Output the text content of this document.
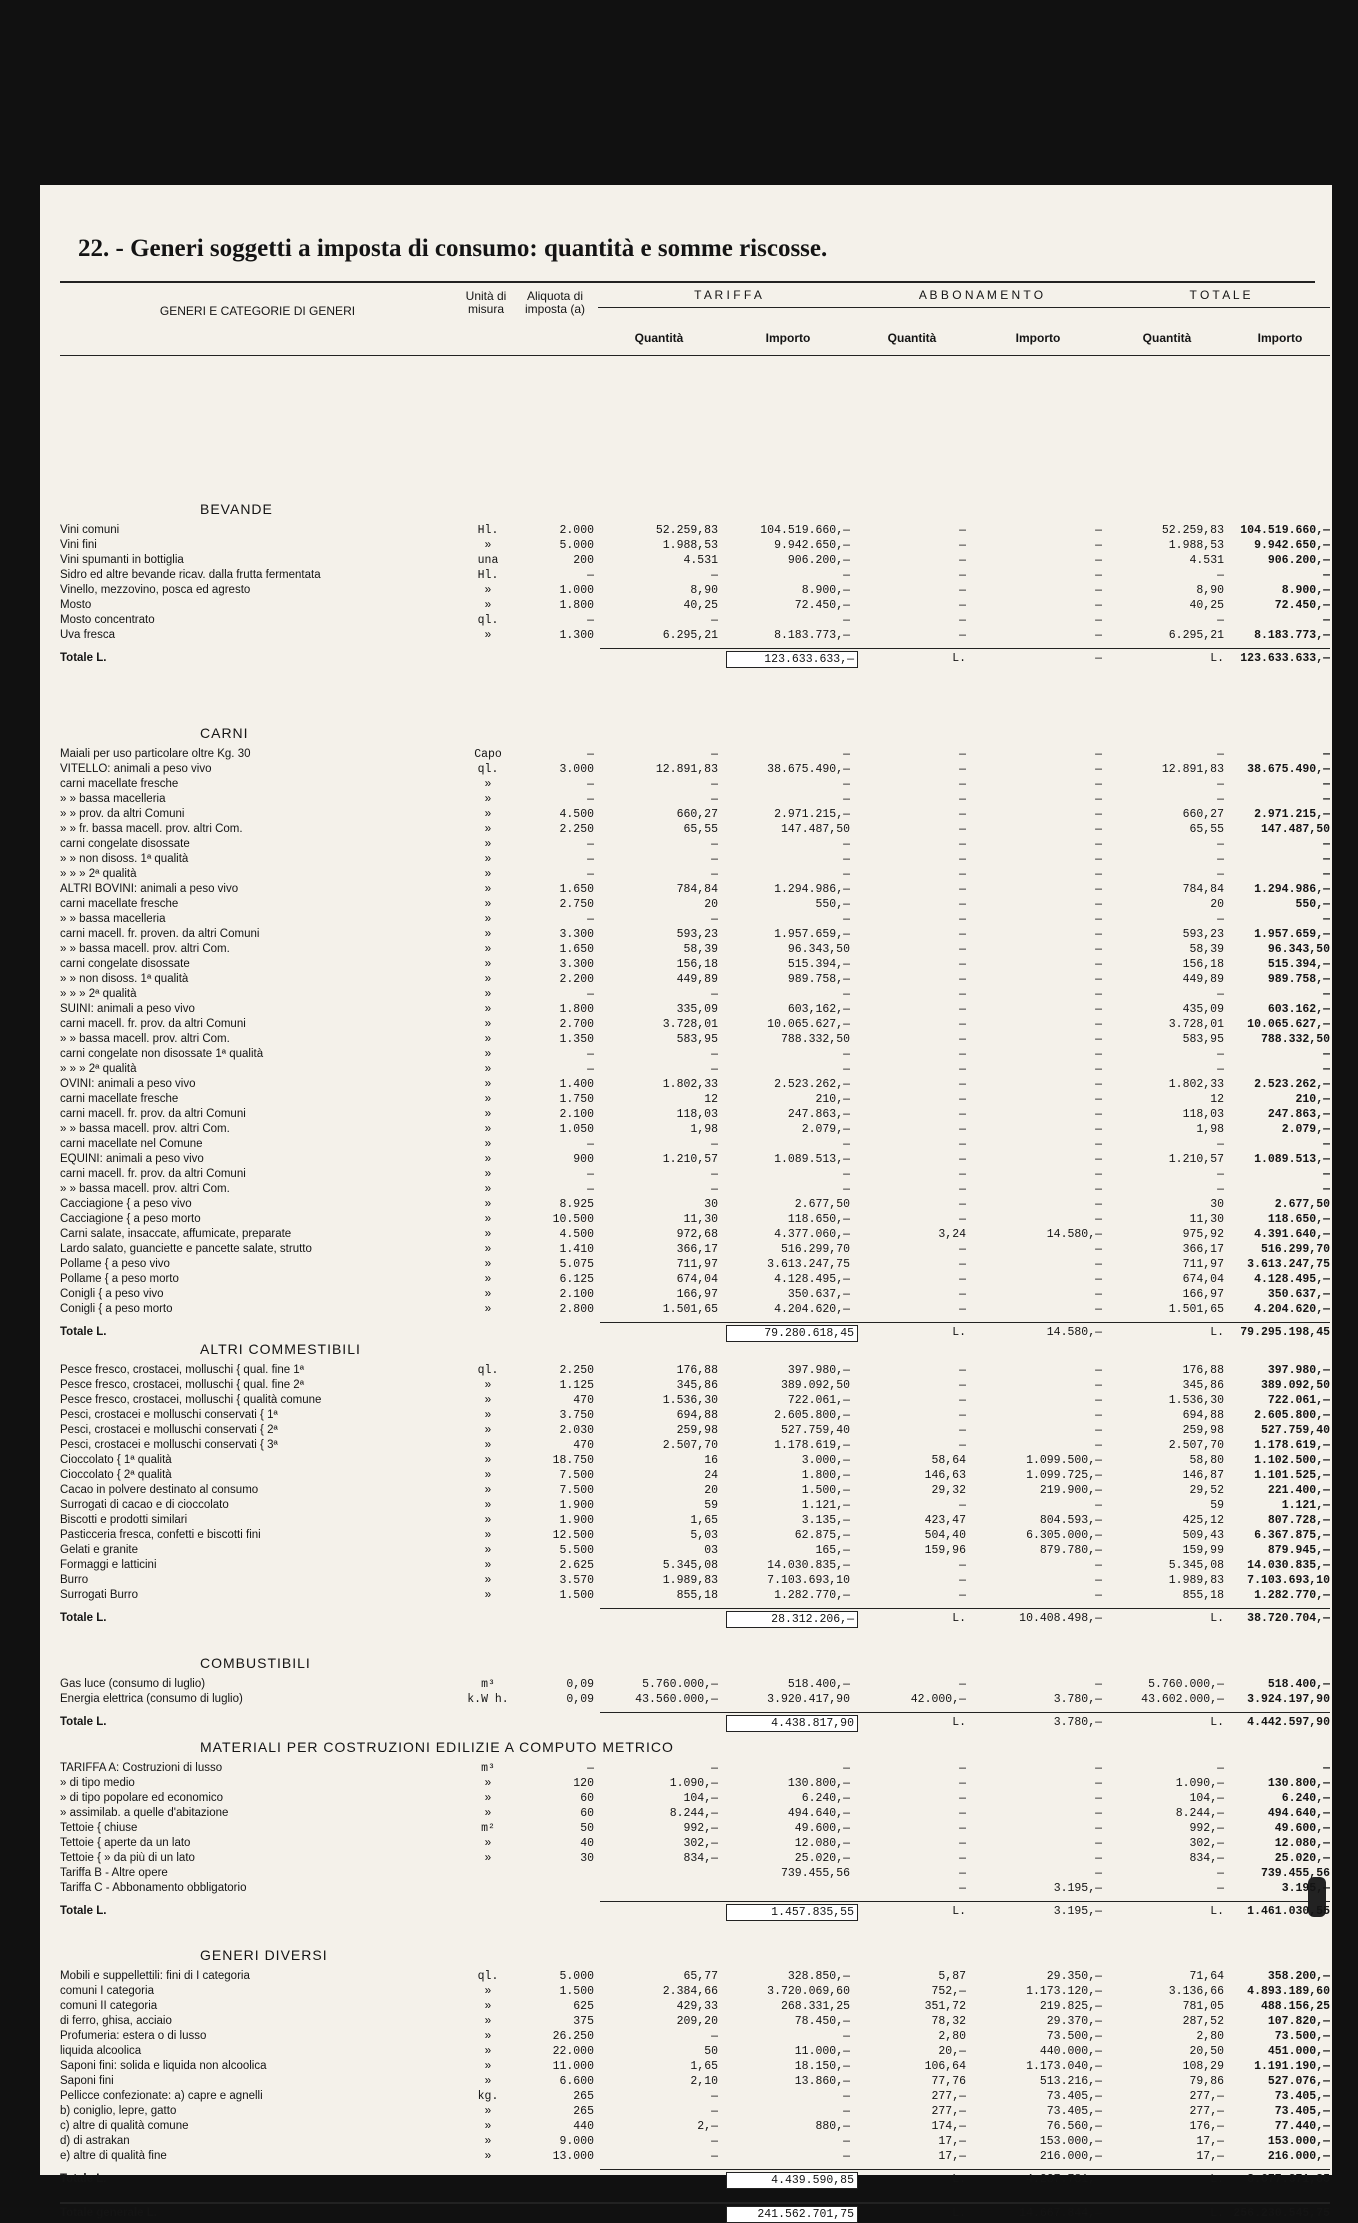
22. - Generi soggetti a imposta di consumo: quantità e somme riscosse.
GENERI E CATEGORIE DI GENERI
Unità di misura
Aliquota di imposta (a)
T A R I F F A	A B B O N A M E N T O	T O T A L E
Quantità	Importo	Quantità	Importo	Quantità	Importo
BEVANDE
Vini comuni	Hl.	2.000	52.259,83	104.519.660,—	—	—	52.259,83	104.519.660,—
Vini fini	»	5.000	1.988,53	9.942.650,—	—	—	1.988,53	9.942.650,—
Vini spumanti in bottiglia	una	200	4.531	906.200,—	—	—	4.531	906.200,—
Sidro ed altre bevande ricav. dalla frutta fermentata	Hl.	—	—	—	—	—	—	—
Vinello, mezzovino, posca ed agresto	»	1.000	8,90	8.900,—	—	—	8,90	8.900,—
Mosto	»	1.800	40,25	72.450,—	—	—	40,25	72.450,—
Mosto concentrato	ql.	—	—	—	—	—	—	—
Uva fresca	»	1.300	6.295,21	8.183.773,—	—	—	6.295,21	8.183.773,—
Totale L.	123.633.633,—	L.	—	L.	123.633.633,—
CARNI
Maiali per uso particolare oltre Kg. 30	Capo	—	—	—	—	—	—	—
VITELLO: animali a peso vivo	ql.	3.000	12.891,83	38.675.490,—	—	—	12.891,83	38.675.490,—
carni macellate fresche	»	—	—	—	—	—	—	—
» » bassa macelleria	»	—	—	—	—	—	—	—
» » prov. da altri Comuni	»	4.500	660,27	2.971.215,—	—	—	660,27	2.971.215,—
» » fr. bassa macell. prov. altri Com.	»	2.250	65,55	147.487,50	—	—	65,55	147.487,50
carni congelate disossate	»	—	—	—	—	—	—	—
» » non disoss. 1ª qualità	»	—	—	—	—	—	—	—
» » » 2ª qualità	»	—	—	—	—	—	—	—
ALTRI BOVINI: animali a peso vivo	»	1.650	784,84	1.294.986,—	—	—	784,84	1.294.986,—
carni macellate fresche	»	2.750	20	550,—	—	—	20	550,—
» » bassa macelleria	»	—	—	—	—	—	—	—
carni macell. fr. proven. da altri Comuni	»	3.300	593,23	1.957.659,—	—	—	593,23	1.957.659,—
» » bassa macell. prov. altri Com.	»	1.650	58,39	96.343,50	—	—	58,39	96.343,50
carni congelate disossate	»	3.300	156,18	515.394,—	—	—	156,18	515.394,—
» » non disoss. 1ª qualità	»	2.200	449,89	989.758,—	—	—	449,89	989.758,—
» » » 2ª qualità	»	—	—	—	—	—	—	—
SUINI: animali a peso vivo	»	1.800	335,09	603,162,—	—	—	435,09	603.162,—
carni macell. fr. prov. da altri Comuni	»	2.700	3.728,01	10.065.627,—	—	—	3.728,01	10.065.627,—
» » bassa macell. prov. altri Com.	»	1.350	583,95	788.332,50	—	—	583,95	788.332,50
carni congelate non disossate 1ª qualità	»	—	—	—	—	—	—	—
» » » 2ª qualità	»	—	—	—	—	—	—	—
OVINI: animali a peso vivo	»	1.400	1.802,33	2.523.262,—	—	—	1.802,33	2.523.262,—
carni macellate fresche	»	1.750	12	210,—	—	—	12	210,—
carni macell. fr. prov. da altri Comuni	»	2.100	118,03	247.863,—	—	—	118,03	247.863,—
» » bassa macell. prov. altri Com.	»	1.050	1,98	2.079,—	—	—	1,98	2.079,—
carni macellate nel Comune	»	—	—	—	—	—	—	—
EQUINI: animali a peso vivo	»	900	1.210,57	1.089.513,—	—	—	1.210,57	1.089.513,—
carni macell. fr. prov. da altri Comuni	»	—	—	—	—	—	—	—
» » bassa macell. prov. altri Com.	»	—	—	—	—	—	—	—
Cacciagione { a peso vivo	»	8.925	30	2.677,50	—	—	30	2.677,50
Cacciagione { a peso morto	»	10.500	11,30	118.650,—	—	—	11,30	118.650,—
Carni salate, insaccate, affumicate, preparate	»	4.500	972,68	4.377.060,—	3,24	14.580,—	975,92	4.391.640,—
Lardo salato, guanciette e pancette salate, strutto	»	1.410	366,17	516.299,70	—	—	366,17	516.299,70
Pollame { a peso vivo	»	5.075	711,97	3.613.247,75	—	—	711,97	3.613.247,75
Pollame { a peso morto	»	6.125	674,04	4.128.495,—	—	—	674,04	4.128.495,—
Conigli { a peso vivo	»	2.100	166,97	350.637,—	—	—	166,97	350.637,—
Conigli { a peso morto	»	2.800	1.501,65	4.204.620,—	—	—	1.501,65	4.204.620,—
Totale L.	79.280.618,45	L.	14.580,—	L.	79.295.198,45
ALTRI COMMESTIBILI
Pesce fresco, crostacei, molluschi { qual. fine 1ª	ql.	2.250	176,88	397.980,—	—	—	176,88	397.980,—
Pesce fresco, crostacei, molluschi { qual. fine 2ª	»	1.125	345,86	389.092,50	—	—	345,86	389.092,50
Pesce fresco, crostacei, molluschi { qualità comune	»	470	1.536,30	722.061,—	—	—	1.536,30	722.061,—
Pesci, crostacei e molluschi conservati { 1ª	»	3.750	694,88	2.605.800,—	—	—	694,88	2.605.800,—
Pesci, crostacei e molluschi conservati { 2ª	»	2.030	259,98	527.759,40	—	—	259,98	527.759,40
Pesci, crostacei e molluschi conservati { 3ª	»	470	2.507,70	1.178.619,—	—	—	2.507,70	1.178.619,—
Cioccolato { 1ª qualità	»	18.750	16	3.000,—	58,64	1.099.500,—	58,80	1.102.500,—
Cioccolato { 2ª qualità	»	7.500	24	1.800,—	146,63	1.099.725,—	146,87	1.101.525,—
Cacao in polvere destinato al consumo	»	7.500	20	1.500,—	29,32	219.900,—	29,52	221.400,—
Surrogati di cacao e di cioccolato	»	1.900	59	1.121,—	—	—	59	1.121,—
Biscotti e prodotti similari	»	1.900	1,65	3.135,—	423,47	804.593,—	425,12	807.728,—
Pasticceria fresca, confetti e biscotti fini	»	12.500	5,03	62.875,—	504,40	6.305.000,—	509,43	6.367.875,—
Gelati e granite	»	5.500	03	165,—	159,96	879.780,—	159,99	879.945,—
Formaggi e latticini	»	2.625	5.345,08	14.030.835,—	—	—	5.345,08	14.030.835,—
Burro	»	3.570	1.989,83	7.103.693,10	—	—	1.989,83	7.103.693,10
Surrogati Burro	»	1.500	855,18	1.282.770,—	—	—	855,18	1.282.770,—
Totale L.	28.312.206,—	L.	10.408.498,—	L.	38.720.704,—
COMBUSTIBILI
Gas luce (consumo di luglio)	m³	0,09	5.760.000,—	518.400,—	—	—	5.760.000,—	518.400,—
Energia elettrica (consumo di luglio)	k.W h.	0,09	43.560.000,—	3.920.417,90	42.000,—	3.780,—	43.602.000,—	3.924.197,90
Totale L.	4.438.817,90	L.	3.780,—	L.	4.442.597,90
MATERIALI PER COSTRUZIONI EDILIZIE A COMPUTO METRICO
TARIFFA A: Costruzioni di lusso	m³	—	—	—	—	—	—	—
» di tipo medio	»	120	1.090,—	130.800,—	—	—	1.090,—	130.800,—
» di tipo popolare ed economico	»	60	104,—	6.240,—	—	—	104,—	6.240,—
» assimilab. a quelle d'abitazione	»	60	8.244,—	494.640,—	—	—	8.244,—	494.640,—
Tettoie { chiuse	m²	50	992,—	49.600,—	—	—	992,—	49.600,—
Tettoie { aperte da un lato	»	40	302,—	12.080,—	—	—	302,—	12.080,—
Tettoie { » da più di un lato	»	30	834,—	25.020,—	—	—	834,—	25.020,—
Tariffa B - Altre opere	739.455,56	—	—	—	739.455,56
Tariffa C - Abbonamento obbligatorio	—	3.195,—	—	3.195,—
Totale L.	1.457.835,55	L.	3.195,—	L.	1.461.030,55
GENERI DIVERSI
Mobili e suppellettili: fini di I categoria	ql.	5.000	65,77	328.850,—	5,87	29.350,—	71,64	358.200,—
comuni I categoria	»	1.500	2.384,66	3.720.069,60	752,—	1.173.120,—	3.136,66	4.893.189,60
comuni II categoria	»	625	429,33	268.331,25	351,72	219.825,—	781,05	488.156,25
di ferro, ghisa, acciaio	»	375	209,20	78.450,—	78,32	29.370,—	287,52	107.820,—
Profumeria: estera o di lusso	»	26.250	—	—	2,80	73.500,—	2,80	73.500,—
liquida alcoolica	»	22.000	50	11.000,—	20,—	440.000,—	20,50	451.000,—
Saponi fini: solida e liquida non alcoolica	»	11.000	1,65	18.150,—	106,64	1.173.040,—	108,29	1.191.190,—
Saponi fini	»	6.600	2,10	13.860,—	77,76	513.216,—	79,86	527.076,—
Pellicce confezionate: a) capre e agnelli	kg.	265	—	—	277,—	73.405,—	277,—	73.405,—
b) coniglio, lepre, gatto	»	265	—	—	277,—	73.405,—	277,—	73.405,—
c) altre di qualità comune	»	440	2,—	880,—	174,—	76.560,—	176,—	77.440,—
d) di astrakan	»	9.000	—	—	17,—	153.000,—	17,—	153.000,—
e) altre di qualità fine	»	13.000	—	—	17,—	216.000,—	17,—	216.000,—
Totale L.	4.439.590,85	L.	4.237.781,—	L.	8.677.371,85
Totale generale L.	241.562.701,75	L.	14.667.844,—	L. 256.230.545,75
